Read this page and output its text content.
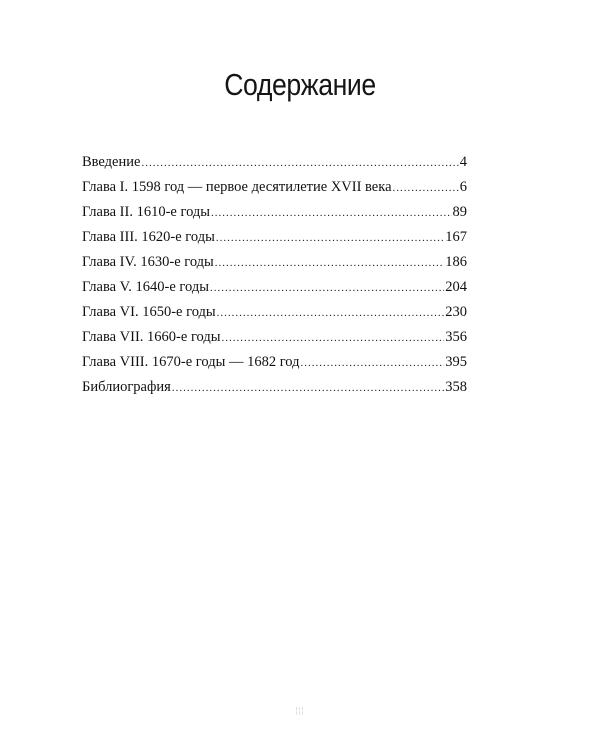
Содержание
Введение .....	4
Глава I. 1598 год — первое десятилетие XVII века .....	6
Глава II. 1610-е годы .....	89
Глава III. 1620-е годы .....	167
Глава IV. 1630-е годы .....	186
Глава V. 1640-е годы .....	204
Глава VI. 1650-е годы .....	230
Глава VII. 1660-е годы .....	356
Глава VIII. 1670-е годы — 1682 год .....	395
Библиография .....	358
¦¦¦
